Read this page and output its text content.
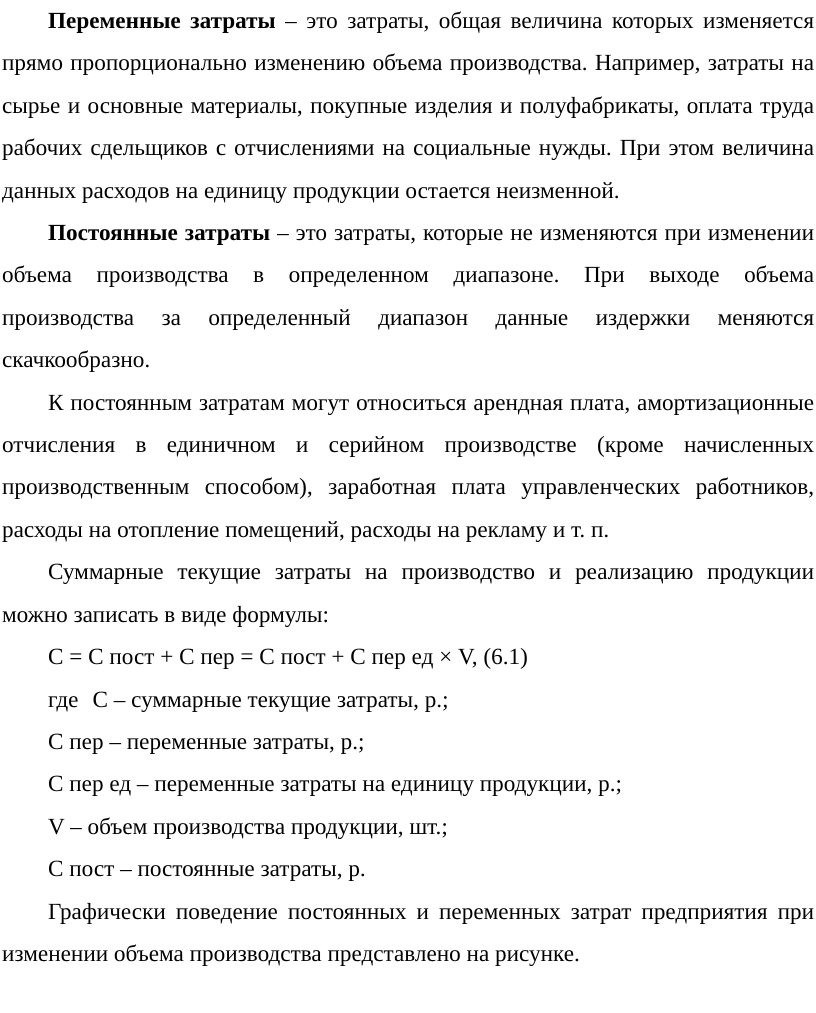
Переменные затраты – это затраты, общая величина которых изменяется прямо пропорционально изменению объема производства. Например, затраты на сырье и основные материалы, покупные изделия и полуфабрикаты, оплата труда рабочих сдельщиков с отчислениями на социальные нужды. При этом величина данных расходов на единицу продукции остается неизменной.

Постоянные затраты – это затраты, которые не изменяются при изменении объема производства в определенном диапазоне. При выходе объема производства за определенный диапазон данные издержки меняются скачкообразно.

К постоянным затратам могут относиться арендная плата, амортизационные отчисления в единичном и серийном производстве (кроме начисленных производственным способом), заработная плата управленческих работников, расходы на отопление помещений, расходы на рекламу и т. п.

Суммарные текущие затраты на производство и реализацию продукции можно записать в виде формулы:

С = С пост + С пер = С пост + С пер ед × V, (6.1)

где С – суммарные текущие затраты, р.;

С пер – переменные затраты, р.;

С пер ед – переменные затраты на единицу продукции, р.;

V – объем производства продукции, шт.;

С пост – постоянные затраты, р.

Графически поведение постоянных и переменных затрат предприятия при изменении объема производства представлено на рисунке.
